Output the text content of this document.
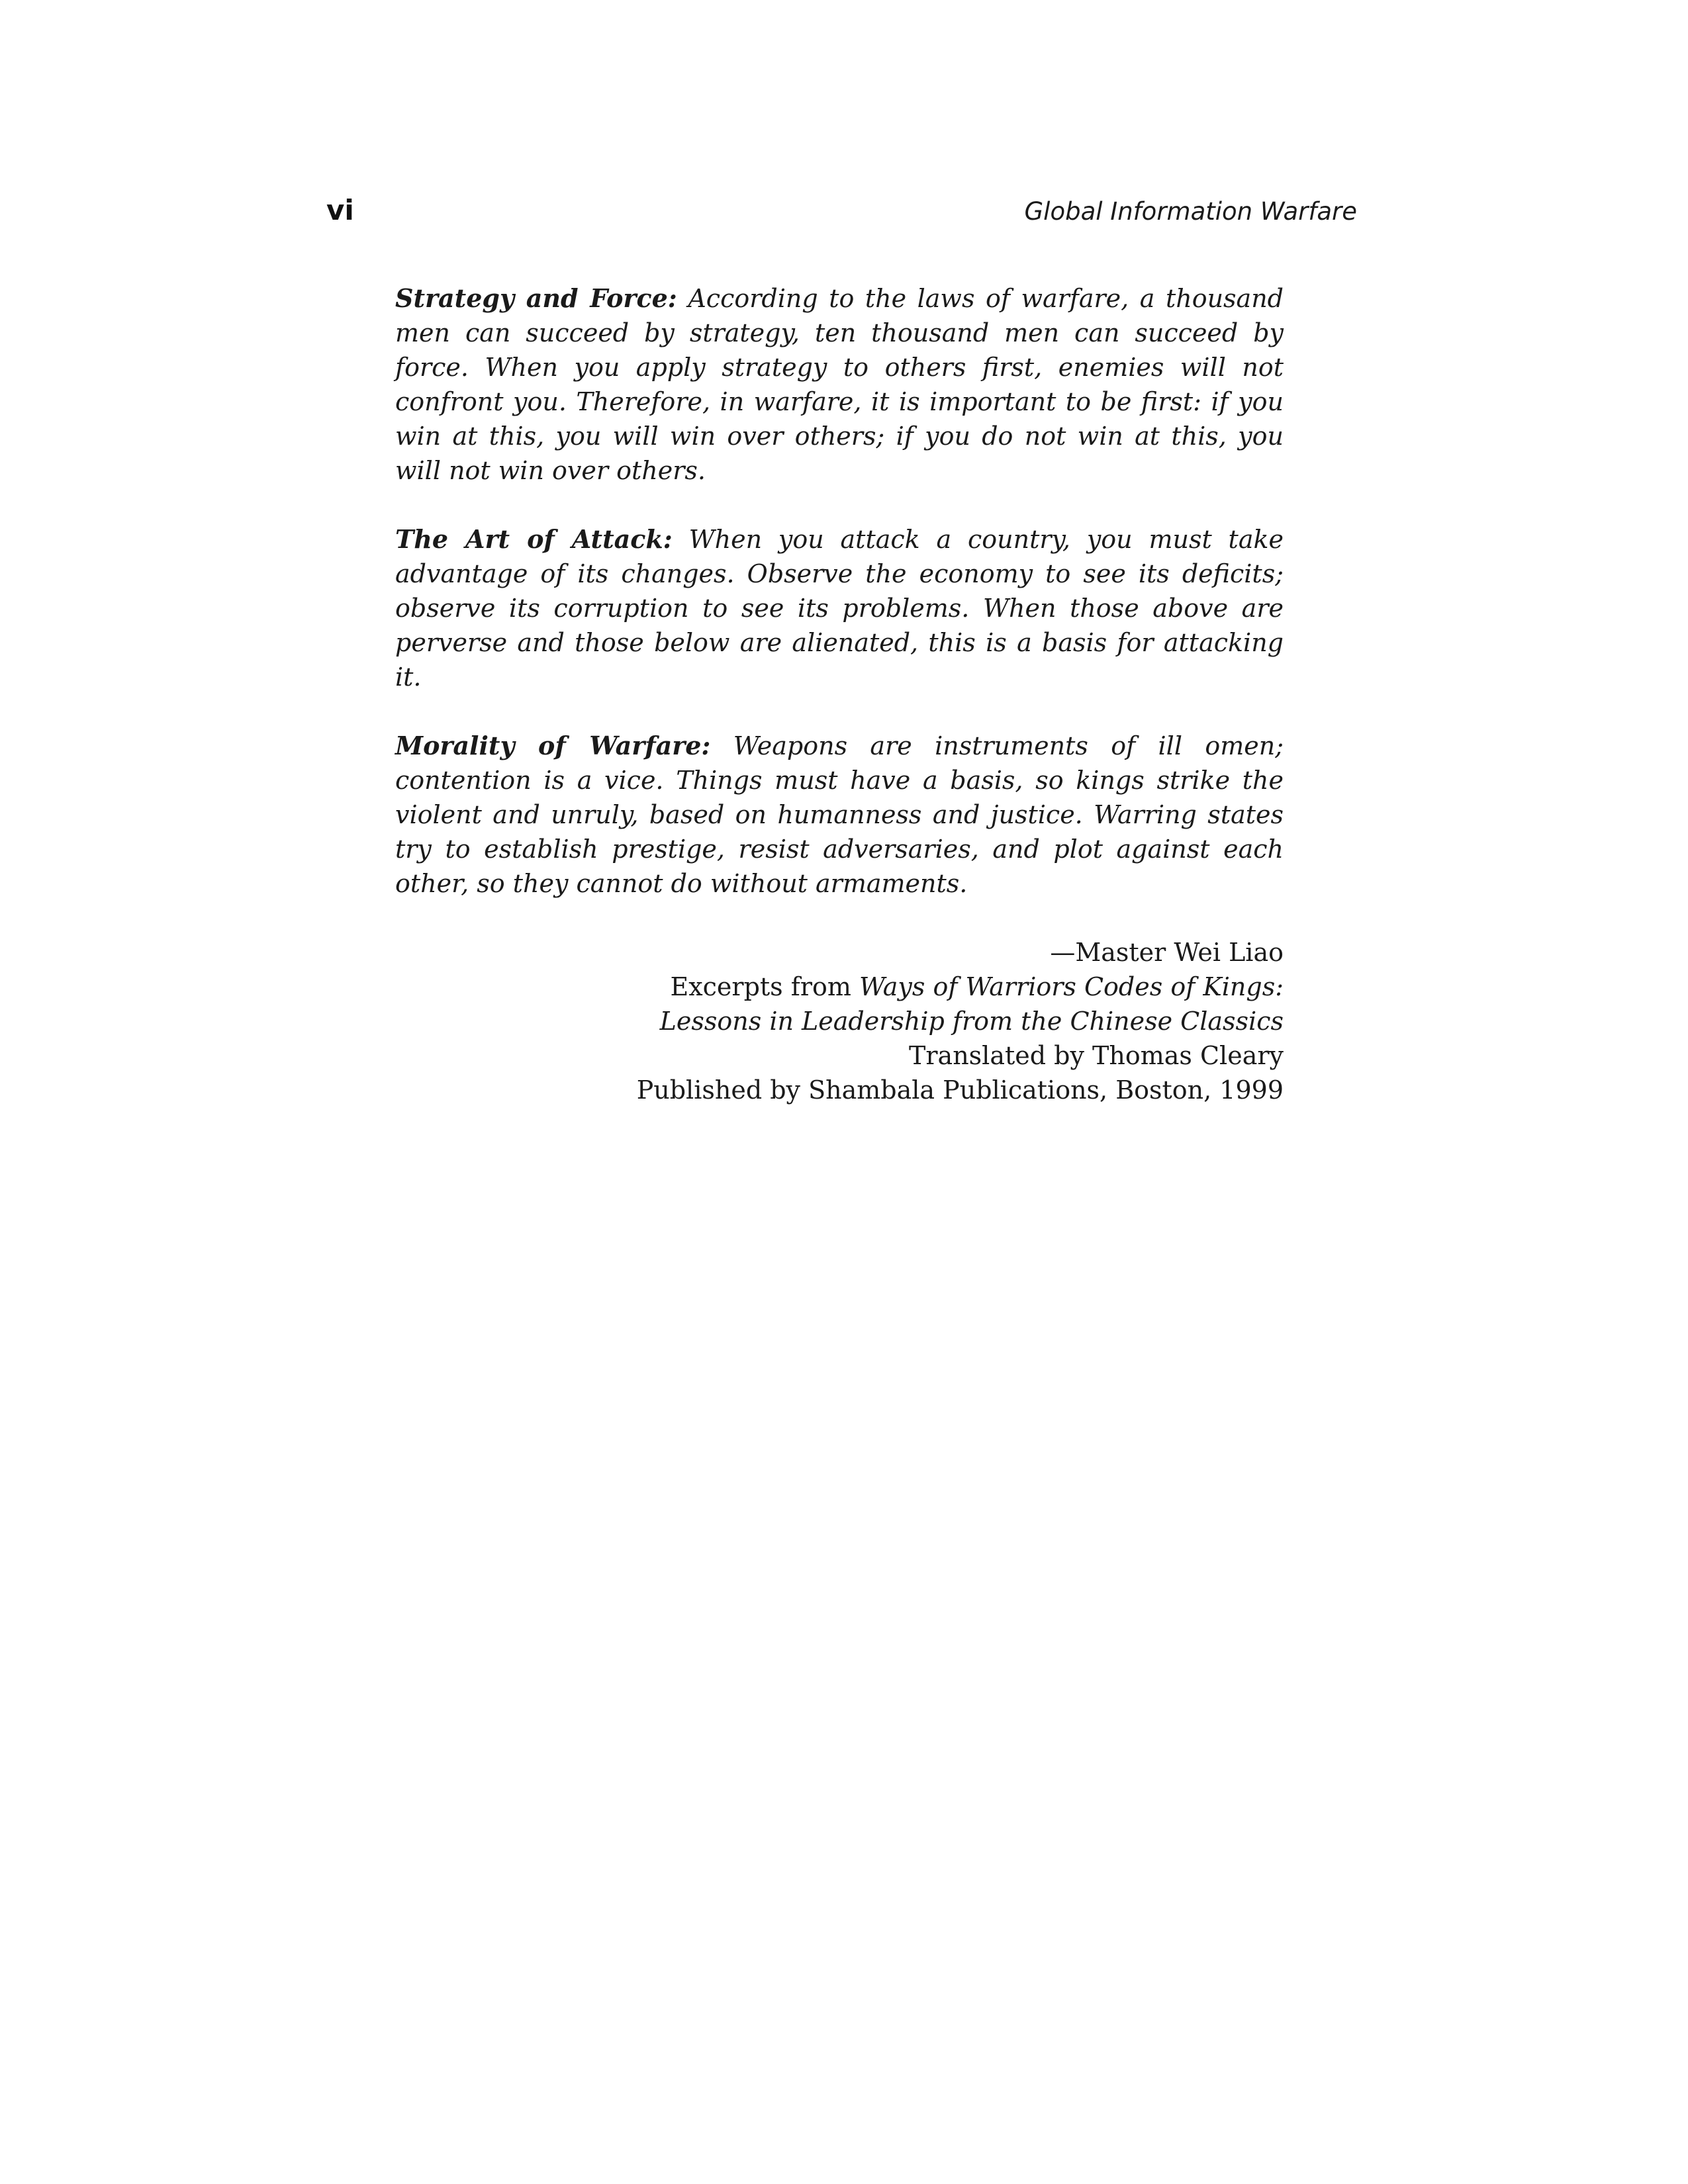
vi	Global Information Warfare

Strategy and Force: According to the laws of warfare, a thousand men can succeed by strategy, ten thousand men can succeed by force. When you apply strategy to others first, enemies will not confront you. Therefore, in warfare, it is important to be first: if you win at this, you will win over others; if you do not win at this, you will not win over others.

The Art of Attack: When you attack a country, you must take advantage of its changes. Observe the economy to see its deficits; observe its corruption to see its problems. When those above are perverse and those below are alienated, this is a basis for attacking it.

Morality of Warfare: Weapons are instruments of ill omen; contention is a vice. Things must have a basis, so kings strike the violent and unruly, based on humanness and justice. Warring states try to establish prestige, resist adversaries, and plot against each other, so they cannot do without armaments.

—Master Wei Liao
Excerpts from Ways of Warriors Codes of Kings:
Lessons in Leadership from the Chinese Classics
Translated by Thomas Cleary
Published by Shambala Publications, Boston, 1999
